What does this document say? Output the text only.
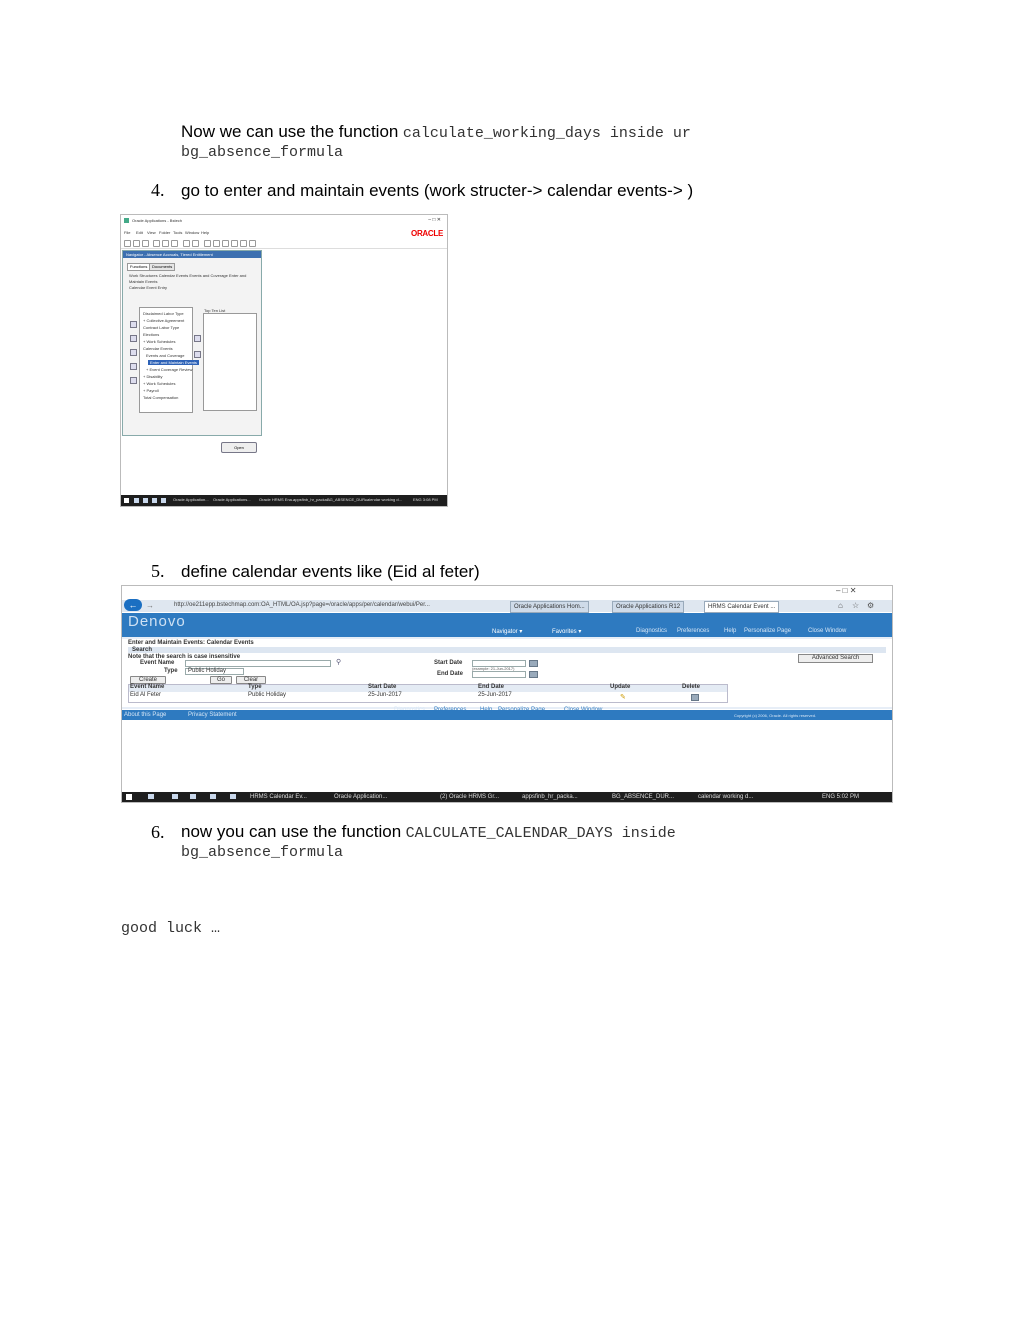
Now we can use the function calculate_working_days inside ur
bg_absence_formula
4. go to enter and maintain events (work structer-> calendar events-> )
Oracle Applications - Bstech	– □ ✕
File Edit View Folder Tools Window Help	ORACLE
Navigator - Absence Accruals, Tiered Entitlement
Functions	Documents
Work Structures Calendar Events Events and Coverage Enter and Maintain Events
Calendar Event Entry
Disclaimed Labor Type
+ Collective Agreement
Contract Labor Type
Elections
+ Work Schedules
Calendar Events
Events and Coverage
Enter and Maintain Events
+ Event Coverage Review
+ Disability
+ Work Schedules
+ Payroll
Total Compensation
Top Ten List
Open
Oracle Application... Oracle Applications... Oracle HRMS Ena...
appsfinb_hr_packa...
BG_ABSENCE_DUR...
calendar working d...	ENG 3:08 PM
5. define calendar events like (Eid al feter)
– □ ✕
←	→	http://oe211epp.bstechmap.com:OA_HTML/OA.jsp?page=/oracle/apps/per/calendar/webui/Per...	Oracle Applications Hom...	Oracle Applications R12	HRMS Calendar Event ...	⌂ ☆ ⚙
Denovo
Navigator ▾	Favorites ▾	Diagnostics Preferences Help Personalize Page	Close Window
Enter and Maintain Events: Calendar Events
Search
Note that the search is case insensitive
Event Name	⚲
Type Public Holiday
Go	Clear
Start Date
(example: 21-Jun-2017)
End Date
Advanced Search
Create
Event Name	Type	Start Date	End Date	Update	Delete
Eid Al Feter	Public Holiday	25-Jun-2017	25-Jun-2017	✎
About this Page	Privacy Statement	Copyright (c) 2006, Oracle. All rights reserved.
HRMS Calendar Ev...	Oracle Application...	(2) Oracle HRMS Gr...	appsfinb_hr_packa...	BG_ABSENCE_DUR...	calendar working d...	ENG 5:02 PM
6. now you can use the function CALCULATE_CALENDAR_DAYS inside
bg_absence_formula
good luck …
